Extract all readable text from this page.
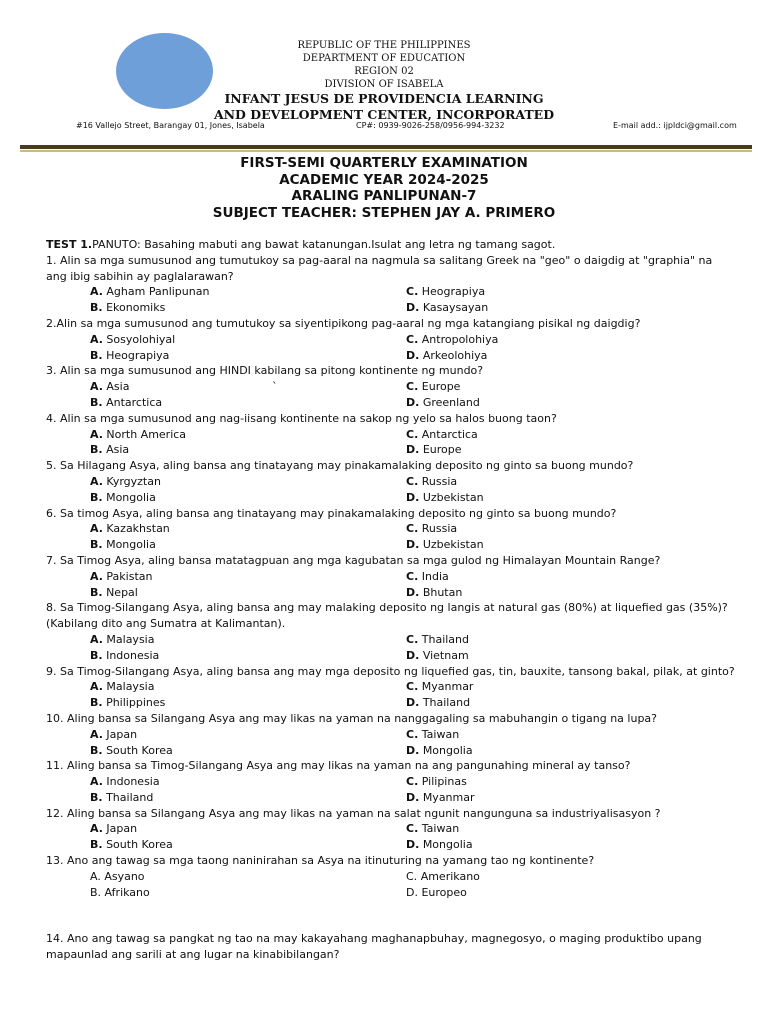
REPUBLIC OF THE PHILIPPINES
DEPARTMENT OF EDUCATION
REGION 02
DIVISION OF ISABELA
INFANT JESUS DE PROVIDENCIA LEARNING
AND DEVELOPMENT CENTER, INCORPORATED
#16 Vallejo Street, Barangay 01, Jones, Isabela	CP#: 0939-9026-258/0956-994-3232	E-mail add.: ijpldci@gmail.com
FIRST-SEMI QUARTERLY EXAMINATION
ACADEMIC YEAR 2024-2025
ARALING PANLIPUNAN-7
SUBJECT TEACHER: STEPHEN JAY A. PRIMERO
TEST 1.PANUTO: Basahing mabuti ang bawat katanungan.Isulat ang letra ng tamang sagot.
1. Alin sa mga sumusunod ang tumutukoy sa pag-aaral na nagmula sa salitang Greek na "geo" o daigdig at "graphia" na ang ibig sabihin ay paglalarawan?
A. Agham Panlipunan	C. Heograpiya
B. Ekonomiks	D. Kasaysayan
2.Alin sa mga sumusunod ang tumutukoy sa siyentipikong pag-aaral ng mga katangiang pisikal ng daigdig?
A. Sosyolohiyal	C. Antropolohiya
B. Heograpiya	D. Arkeolohiya
3. Alin sa mga sumusunod ang HINDI kabilang sa pitong kontinente ng mundo?
A. Asia	`	C. Europe
B. Antarctica	D. Greenland
4. Alin sa mga sumusunod ang nag-iisang kontinente na sakop ng yelo sa halos buong taon?
A. North America	C. Antarctica
B. Asia	D. Europe
5. Sa Hilagang Asya, aling bansa ang tinatayang may pinakamalaking deposito ng ginto sa buong mundo?
A. Kyrgyztan	C. Russia
B. Mongolia	D. Uzbekistan
6. Sa timog Asya, aling bansa ang tinatayang may pinakamalaking deposito ng ginto sa buong mundo?
A. Kazakhstan	C. Russia
B. Mongolia	D. Uzbekistan
7. Sa Timog Asya, aling bansa matatagpuan ang mga kagubatan sa mga gulod ng Himalayan Mountain Range?
A. Pakistan	C. India
B. Nepal	D. Bhutan
8. Sa Timog-Silangang Asya, aling bansa ang may malaking deposito ng langis at natural gas (80%) at liquefied gas (35%)?(Kabilang dito ang Sumatra at Kalimantan).
A. Malaysia	C. Thailand
B. Indonesia	D. Vietnam
9. Sa Timog-Silangang Asya, aling bansa ang may mga deposito ng liquefied gas, tin, bauxite, tansong bakal, pilak, at ginto?
A. Malaysia	C. Myanmar
B. Philippines	D. Thailand
10. Aling bansa sa Silangang Asya ang may likas na yaman na nanggagaling sa mabuhangin o tigang na lupa?
A. Japan	C. Taiwan
B. South Korea	D. Mongolia
11. Aling bansa sa Timog-Silangang Asya ang may likas na yaman na ang pangunahing mineral ay tanso?
A. Indonesia	C. Pilipinas
B. Thailand	D. Myanmar
12. Aling bansa sa Silangang Asya ang may likas na yaman na salat ngunit nangunguna sa industriyalisasyon ?
A. Japan	C. Taiwan
B. South Korea	D. Mongolia
13. Ano ang tawag sa mga taong naninirahan sa Asya na itinuturing na yamang tao ng kontinente?
A. Asyano	C. Amerikano
B. Afrikano	D. Europeo
14. Ano ang tawag sa pangkat ng tao na may kakayahang maghanapbuhay, magnegosyo, o maging produktibo upang mapaunlad ang sarili at ang lugar na kinabibilangan?
